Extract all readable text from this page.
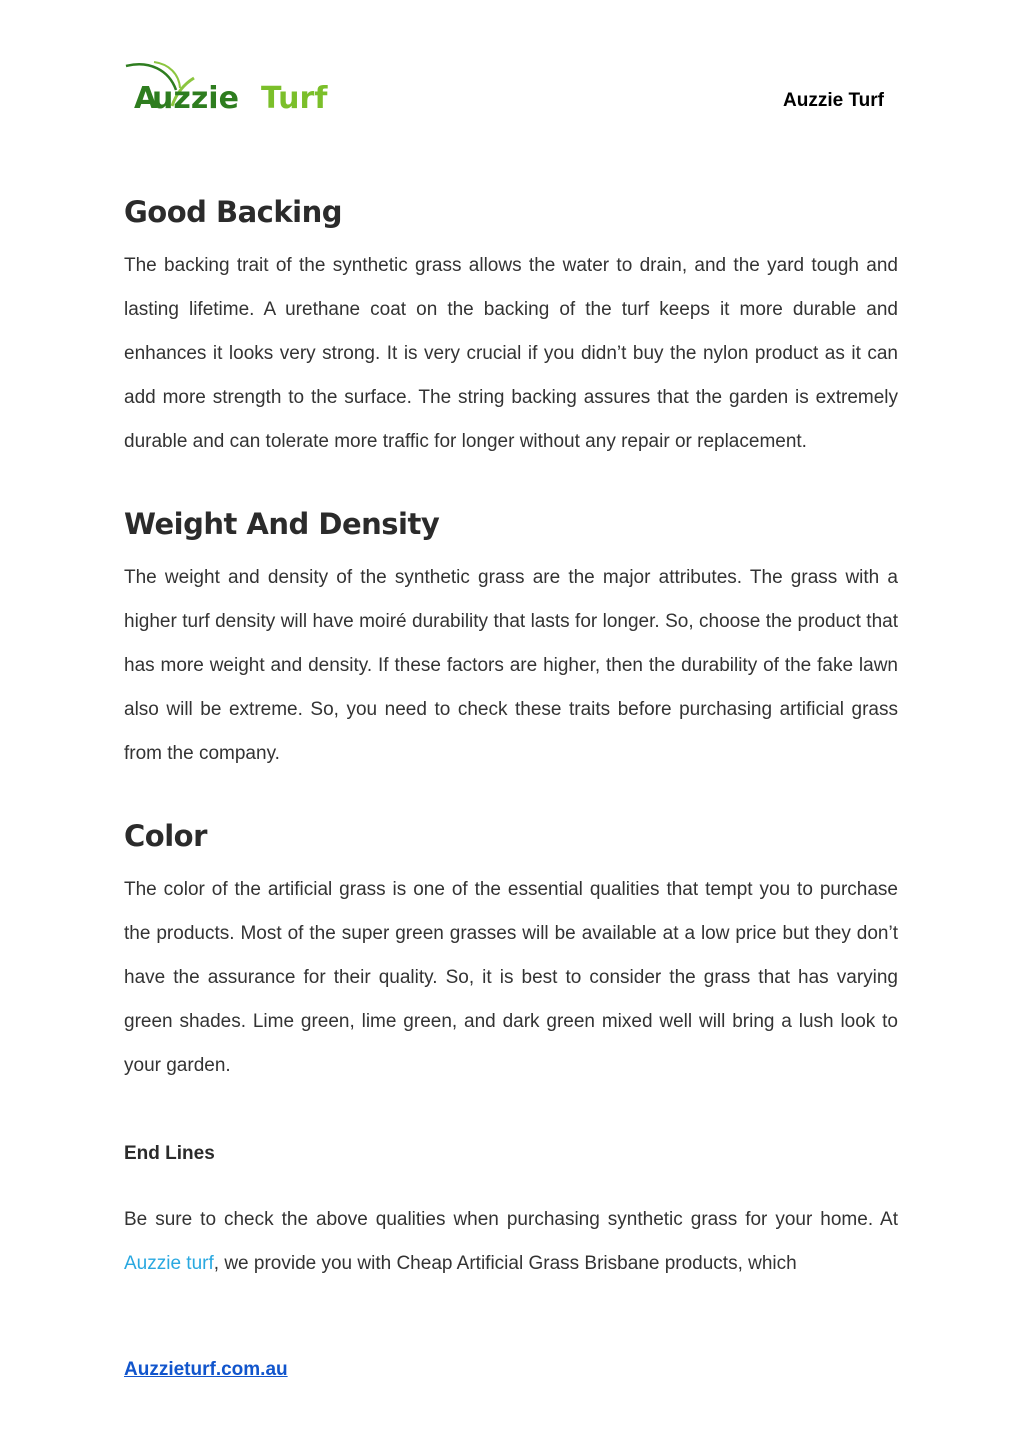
uzzie Turf
A	Auzzie Turf
Good Backing

The backing trait of the synthetic grass allows the water to drain, and the yard tough and lasting lifetime. A urethane coat on the backing of the turf keeps it more durable and enhances it looks very strong. It is very crucial if you didn’t buy the nylon product as it can add more strength to the surface. The string backing assures that the garden is extremely durable and can tolerate more traffic for longer without any repair or replacement.

Weight And Density

The weight and density of the synthetic grass are the major attributes. The grass with a higher turf density will have moiré durability that lasts for longer. So, choose the product that has more weight and density. If these factors are higher, then the durability of the fake lawn also will be extreme. So, you need to check these traits before purchasing artificial grass from the company.

Color

The color of the artificial grass is one of the essential qualities that tempt you to purchase the products. Most of the super green grasses will be available at a low price but they don’t have the assurance for their quality. So, it is best to consider the grass that has varying green shades. Lime green, lime green, and dark green mixed well will bring a lush look to your garden.

End Lines

Be sure to check the above qualities when purchasing synthetic grass for your home. At Auzzie turf, we provide you with Cheap Artificial Grass Brisbane products, which

Auzzieturf.com.au
